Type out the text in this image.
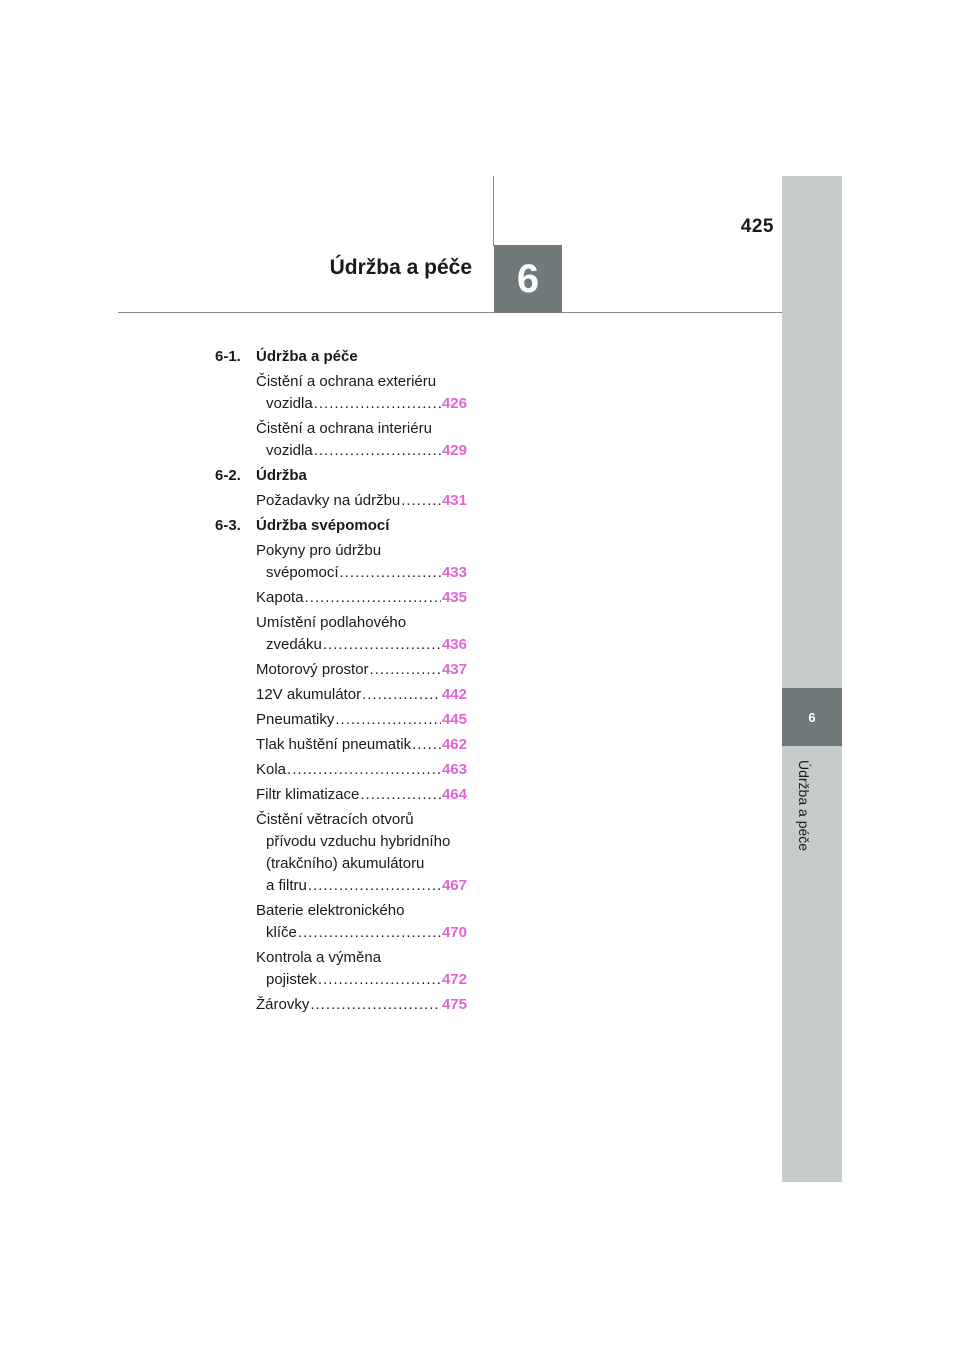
6
Údržba a péče
6
425
Údržba a péče
6-1.	Údržba a péče
Čistění a ochrana exteriéru
vozidla .....	426
Čistění a ochrana interiéru
vozidla .....	429
6-2.	Údržba
Požadavky na údržbu .....	431
6-3.	Údržba svépomocí
Pokyny pro údržbu
svépomocí .....	433
Kapota .....	435
Umístění podlahového
zvedáku .....	436
Motorový prostor .....	437
12V akumulátor .....	442
Pneumatiky .....	445
Tlak huštění pneumatik ..... 462
Kola .....	463
Filtr klimatizace .....	464
Čistění větracích otvorů
přívodu vzduchu hybridního
(trakčního) akumulátoru
a filtru .....	467
Baterie elektronického
klíče .....	470
Kontrola a výměna
pojistek .....	472
Žárovky .....	475
